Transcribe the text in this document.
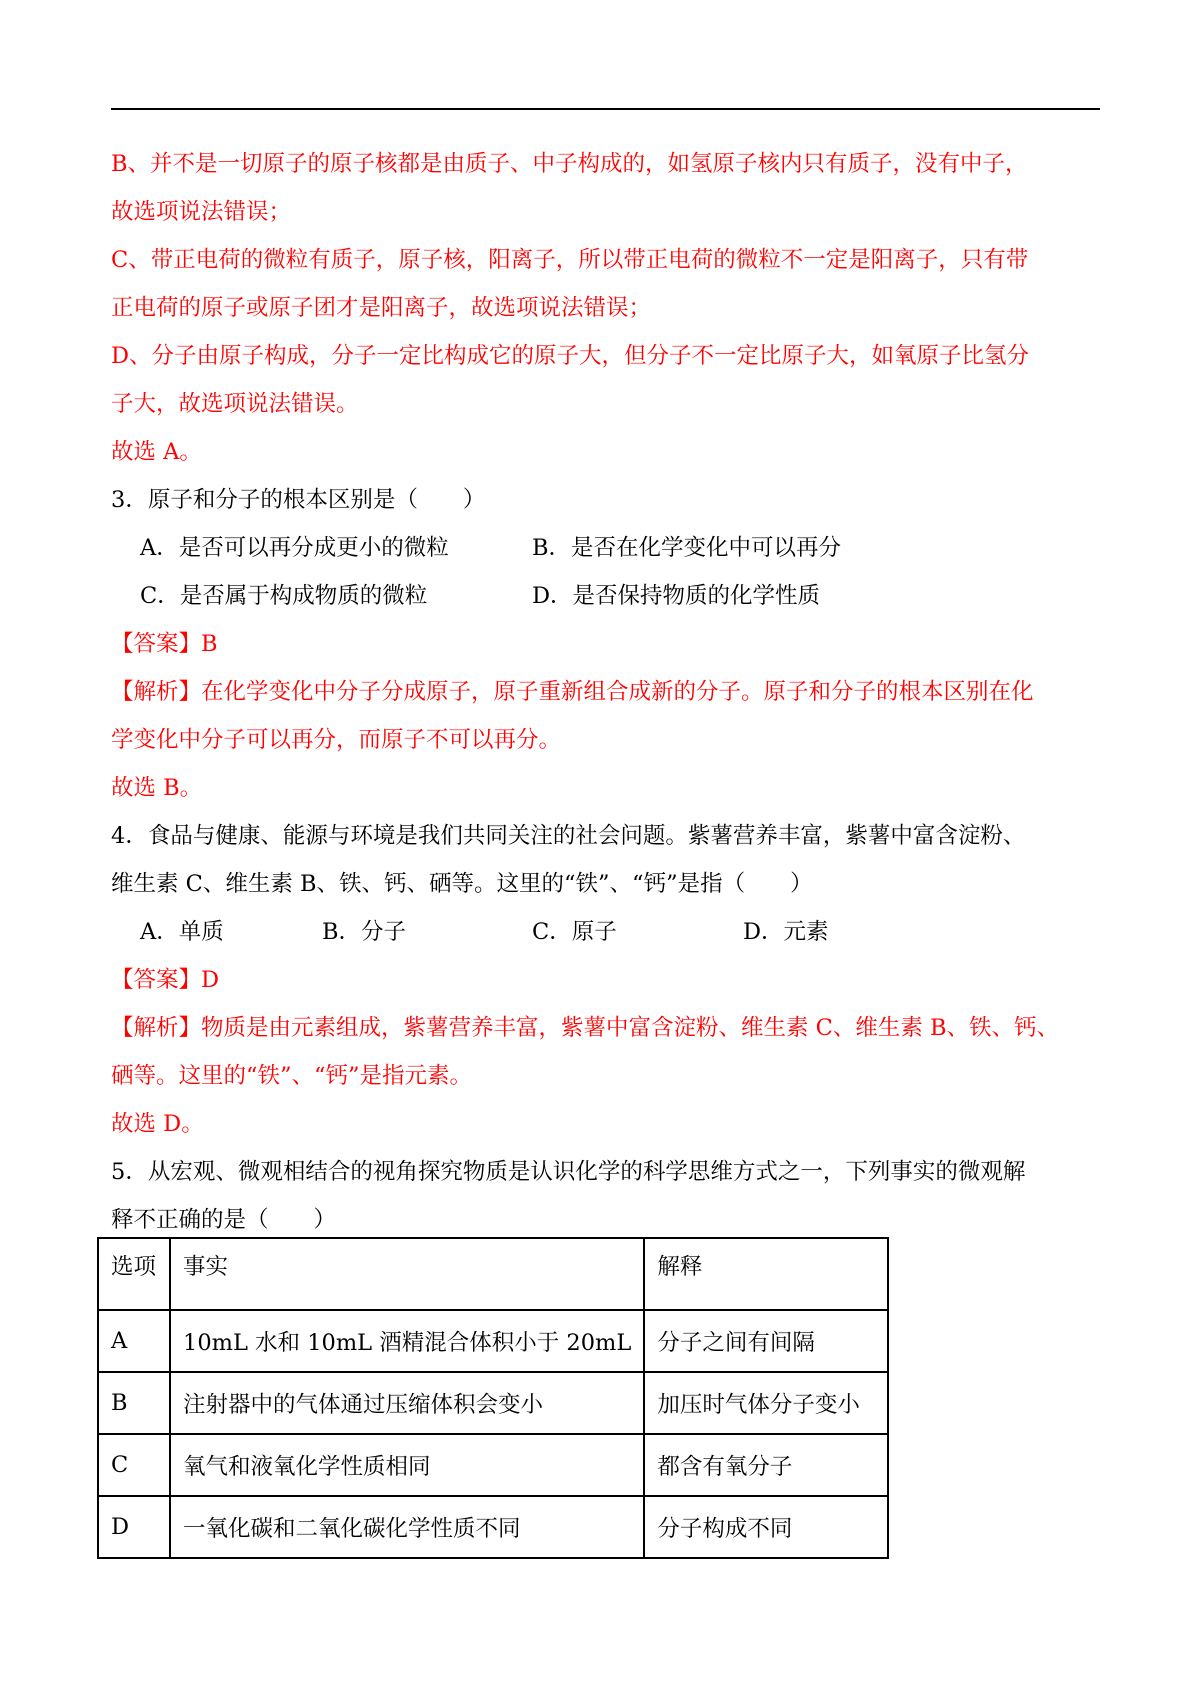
B、并不是一切原子的原子核都是由质子、中子构成的，如氢原子核内只有质子，没有中子，
故选项说法错误；
C、带正电荷的微粒有质子，原子核，阳离子，所以带正电荷的微粒不一定是阳离子，只有带
正电荷的原子或原子团才是阳离子，故选项说法错误；
D、分子由原子构成，分子一定比构成它的原子大，但分子不一定比原子大，如氧原子比氢分
子大，故选项说法错误。
故选 A。
3．原子和分子的根本区别是（　　）
A．是否可以再分成更小的微粒	B．是否在化学变化中可以再分
C．是否属于构成物质的微粒	D．是否保持物质的化学性质
【答案】B
【解析】在化学变化中分子分成原子，原子重新组合成新的分子。原子和分子的根本区别在化
学变化中分子可以再分，而原子不可以再分。
故选 B。
4．食品与健康、能源与环境是我们共同关注的社会问题。紫薯营养丰富，紫薯中富含淀粉、
维生素 C、维生素 B、铁、钙、硒等。这里的“铁”、“钙”是指（　　）
A．单质	B．分子	C．原子	D．元素
【答案】D
【解析】物质是由元素组成，紫薯营养丰富，紫薯中富含淀粉、维生素 C、维生素 B、铁、钙、
硒等。这里的“铁”、“钙”是指元素。
故选 D。
5．从宏观、微观相结合的视角探究物质是认识化学的科学思维方式之一，下列事实的微观解
释不正确的是（　　）
选项	事实	解释
A	10mL 水和 10mL 酒精混合体积小于 20mL	分子之间有间隔
B	注射器中的气体通过压缩体积会变小	加压时气体分子变小
C	氧气和液氧化学性质相同	都含有氧分子
D	一氧化碳和二氧化碳化学性质不同	分子构成不同
